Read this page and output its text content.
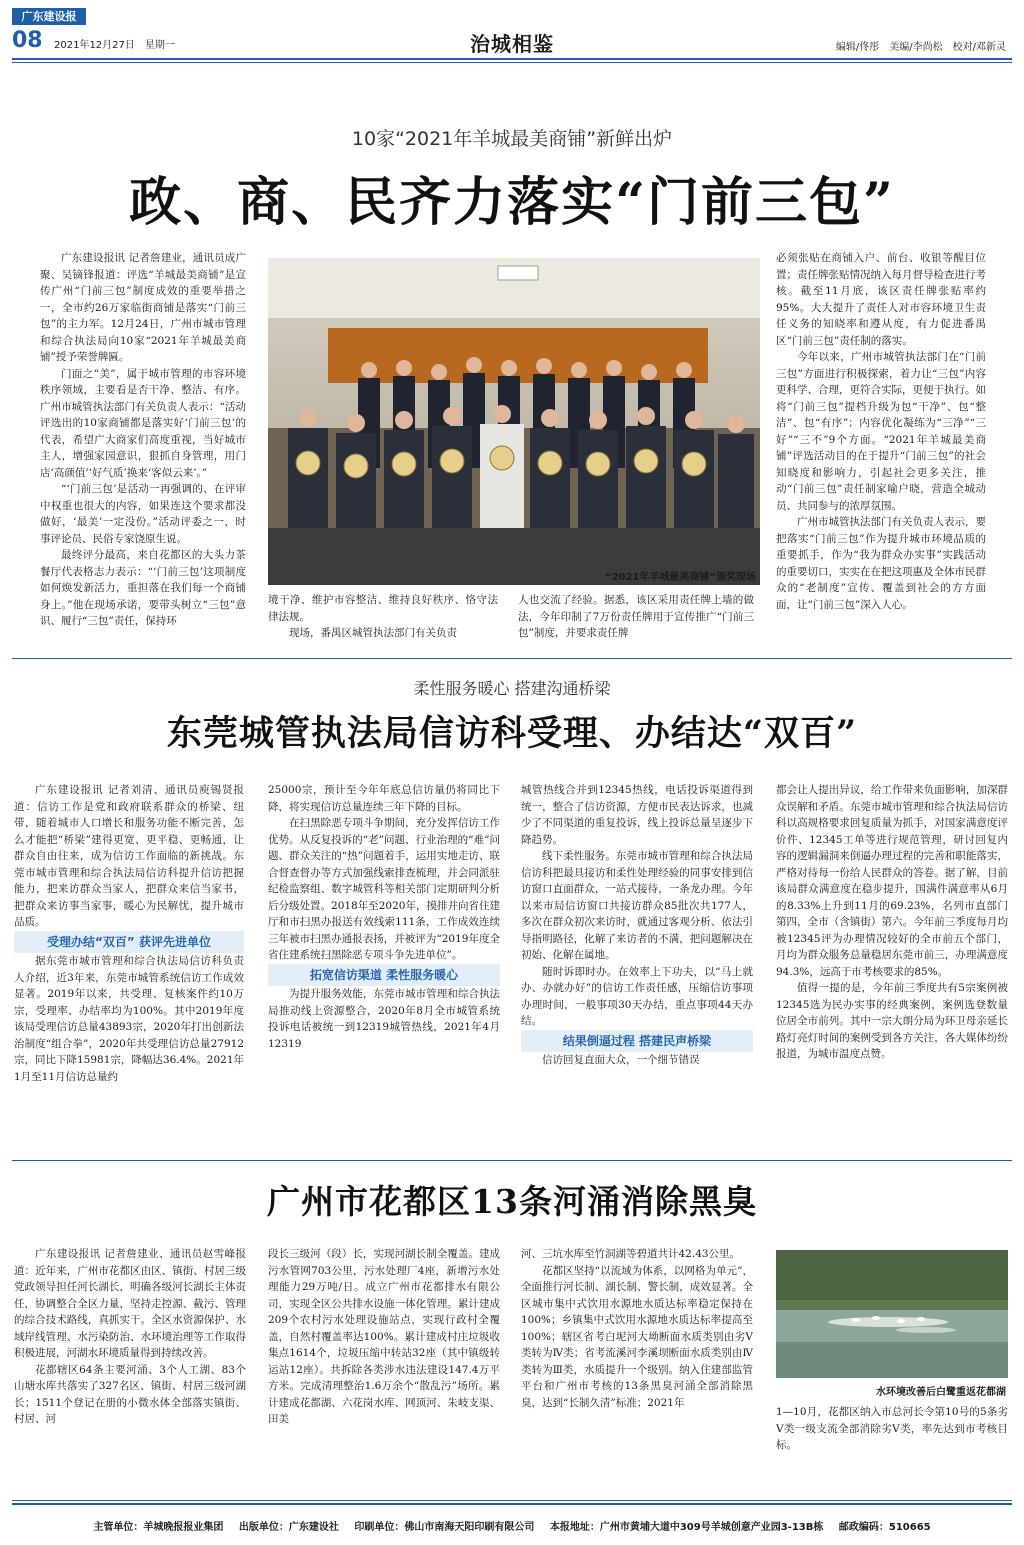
广东建设报
08 2021年12月27日　星期一	治城相鉴	编辑/佟彤　美编/李尚松　校对/邓新灵
10家“2021年羊城最美商铺”新鲜出炉
政、商、民齐力落实“门前三包”

广东建设报讯 记者詹建业，通讯员成广聚、吴镝锋报道：评选“羊城最美商铺”是宣传广州“门前三包”制度成效的重要举措之一，全市约26万家临街商铺是落实“门前三包”的主力军。12月24日，广州市城市管理和综合执法局向10家“2021年羊城最美商铺”授予荣誉牌匾。

门面之“美”，属于城市管理的市容环境秩序领域，主要看是否干净、整洁、有序。广州市城管执法部门有关负责人表示：“活动评选出的10家商铺都是落实好‘门前三包’的代表，希望广大商家们高度重视，当好城市主人，增强家园意识，狠抓自身管理，用门店‘高颜值’‘好气质’换来‘客似云来’。”

“‘门前三包’是活动一再强调的、在评审中权重也很大的内容，如果连这个要求都没做好，‘最美’一定没份。”活动评委之一，时事评论员、民俗专家饶原生说。

最终评分最高，来自花都区的大头力茶餐厅代表格志力表示：“‘门前三包’这项制度如何焕发新活力，重担落在我们每一个商铺身上。”他在现场承诺，要带头树立“三包”意识、履行“三包”责任，保持环

“2021年羊城最美商铺”颁奖现场

境干净、维护市容整洁、维持良好秩序、恪守法律法规。

现场，番禺区城管执法部门有关负责

人也交流了经验。据悉，该区采用责任牌上墙的做法，今年印制了7万份责任牌用于宣传推广“门前三包”制度，并要求责任牌

必须张贴在商铺入户、前台、收银等醒目位置；责任牌张贴情况纳入每月督导检查进行考核。截至11月底，该区责任牌张贴率约95%。大大提升了责任人对市容环境卫生责任义务的知晓率和遵从度，有力促进番禺区“门前三包”责任制的落实。

今年以来，广州市城管执法部门在“门前三包”方面进行积极探索，着力让“三包”内容更科学、合理，更符合实际，更便于执行。如将“门前三包”提档升级为包“干净”、包“整洁”、包“有序”；内容优化凝练为“三净”“三好”“三不”9个方面。“2021年羊城最美商铺”评选活动目的在于提升“门前三包”的社会知晓度和影响力，引起社会更多关注，推动“门前三包”责任制家喻户晓，营造全城动员、共同参与的浓厚氛围。

广州市城管执法部门有关负责人表示，要把落实“门前三包”作为提升城市环境品质的重要抓手，作为“我为群众办实事”实践活动的重要切口，实实在在把这项惠及全体市民群众的“老制度”宣传、覆盖到社会的方方面面，让“门前三包”深入人心。

柔性服务暖心 搭建沟通桥梁
东莞城管执法局信访科受理、办结达“双百”

广东建设报讯 记者刘清、通讯员庾锡贤报道：信访工作是党和政府联系群众的桥梁、纽带，随着城市人口增长和服务功能不断完善，怎么才能把“桥梁”建得更宽、更平稳、更畅通，让群众自由往来，成为信访工作面临的新挑战。东莞市城市管理和综合执法局信访科提升信访把握能力，把来访群众当家人，把群众来信当家书，把群众来访事当家事，暖心为民解忧，提升城市品质。

受理办结“双百” 获评先进单位

据东莞市城市管理和综合执法局信访科负责人介绍，近3年来，东莞市城管系统信访工作成效显著。2019年以来，共受理、复核案件约10万宗，受理率、办结率均为100%。其中2019年度该局受理信访总量43893宗，2020年打出创新法治制度“组合拳”，2020年共受理信访总量27912宗，同比下降15981宗，降幅达36.4%。2021年1月至11月信访总量约

25000宗，预计至今年年底总信访量仍将同比下降，将实现信访总量连续三年下降的目标。

在扫黑除恶专项斗争期间，充分发挥信访工作优势。从反复投诉的“老”问题、行业治理的“难”问题、群众关注的“热”问题着手，运用实地走访、联合督查督办等方式加强线索排查梳理，并会同派驻纪检监察组、数字城管科等相关部门定期研判分析后分级处置。2018年至2020年，摸排并向省住建厅和市扫黑办报送有效线索111条，工作成效连续三年被市扫黑办通报表扬，并被评为“2019年度全省住建系统扫黑除恶专项斗争先进单位”。

拓宽信访渠道 柔性服务暖心

为提升服务效能，东莞市城市管理和综合执法局推动线上资源整合，2020年8月全市城管系统投诉电话被统一到12319城管热线，2021年4月12319

城管热线合并到12345热线，电话投诉渠道得到统一，整合了信访资源，方便市民表达诉求，也减少了不同渠道的重复投诉，线上投诉总量呈逐步下降趋势。

线下柔性服务。东莞市城市管理和综合执法局信访科把最具接访和柔性处理经验的同事安排到信访窗口直面群众，一站式接待，一条龙办理。今年以来市局信访窗口共接访群众85批次共177人，多次在群众初次来访时，就通过客观分析、依法引导指明路径，化解了来访者的不满，把问题解决在初始、化解在属地。

随时诉即时办。在效率上下功夫，以“马上就办、办就办好”的信访工作责任感，压缩信访事项办理时间，一般事项30天办结，重点事项44天办结。

结果倒逼过程 搭建民声桥梁

信访回复直面大众，一个细节错误

都会让人提出异议，给工作带来负面影响，加深群众误解和矛盾。东莞市城市管理和综合执法局信访科以高规格要求回复质量为抓手，对国家满意度评价件、12345工单等进行规范管理，研讨回复内容的逻辑漏洞来倒逼办理过程的完善和职能落实，严格对待每一份给人民群众的答卷。据了解，目前该局群众满意度在稳步提升，国满件满意率从6月的8.33%上升到11月的69.23%，名列市直部门第四，全市（含镇街）第六。今年前三季度每月均被12345评为办理情况较好的全市前五个部门，月均为群众服务总量稳居东莞市前三，办理满意度94.3%，远高于市考核要求的85%。

值得一提的是，今年前三季度共有5宗案例被12345选为民办实事的经典案例，案例选登数量位居全市前列。其中一宗大朗分局为环卫母亲延长路灯亮灯时间的案例受到各方关注，各大媒体纷纷报道，为城市温度点赞。

广州市花都区13条河涌消除黑臭

广东建设报讯 记者詹建业、通讯员赵雪峰报道：近年来，广州市花都区由区、镇街、村居三级党政领导担任河长湖长，明确各级河长湖长主体责任，协调整合全区力量，坚持走控源、截污、管理的综合技术路线，真抓实干。全区水资源保护、水域岸线管理、水污染防治、水环境治理等工作取得积极进展，河湖水环境质量得到持续改善。

花都辖区64条主要河涌、3个人工湖、83个山塘水库共落实了327名区、镇街、村居三级河湖长；1511个登记在册的小微水体全部落实镇街、村居、河

段长三级河（段）长，实现河湖长制全覆盖。建成污水管网703公里，污水处理厂4座，新增污水处理能力29万吨/日。成立广州市花都排水有限公司，实现全区公共排水设施一体化管理。累计建成209个农村污水处理设施站点，实现行政村全覆盖，自然村覆盖率达100%。累计建成村庄垃圾收集点1614个，垃圾压缩中转站32座（其中镇级转运站12座）。共拆除各类涉水违法建设147.4万平方米。完成清理整治1.6万余个“散乱污”场所。累计建成花都湖、六花岗水库、网顶河、朱岐支渠、田美

河、三坑水库至竹洞湖等碧道共计42.43公里。

花都区坚持“以流域为体系，以网格为单元”，全面推行河长制、湖长制、警长制，成效显著。全区城市集中式饮用水源地水质达标率稳定保持在100%；乡镇集中式饮用水源地水质达标率提高至100%；辖区省考白坭河大坳断面水质类别由劣Ⅴ类转为Ⅳ类；省考流溪河李溪坝断面水质类别由Ⅳ类转为Ⅲ类，水质提升一个级别。纳入住建部监管平台和广州市考核的13条黑臭河涌全部消除黑臭，达到“长制久清”标准；2021年

水环境改善后白鹭重返花都湖

1—10月，花都区纳入市总河长令第10号的5条劣Ⅴ类一级支流全部消除劣Ⅴ类，率先达到市考核目标。

主管单位：羊城晚报报业集团 出版单位：广东建设社 印刷单位：佛山市南海天阳印刷有限公司 本报地址：广州市黄埔大道中309号羊城创意产业园3-13B栋 邮政编码：510665
